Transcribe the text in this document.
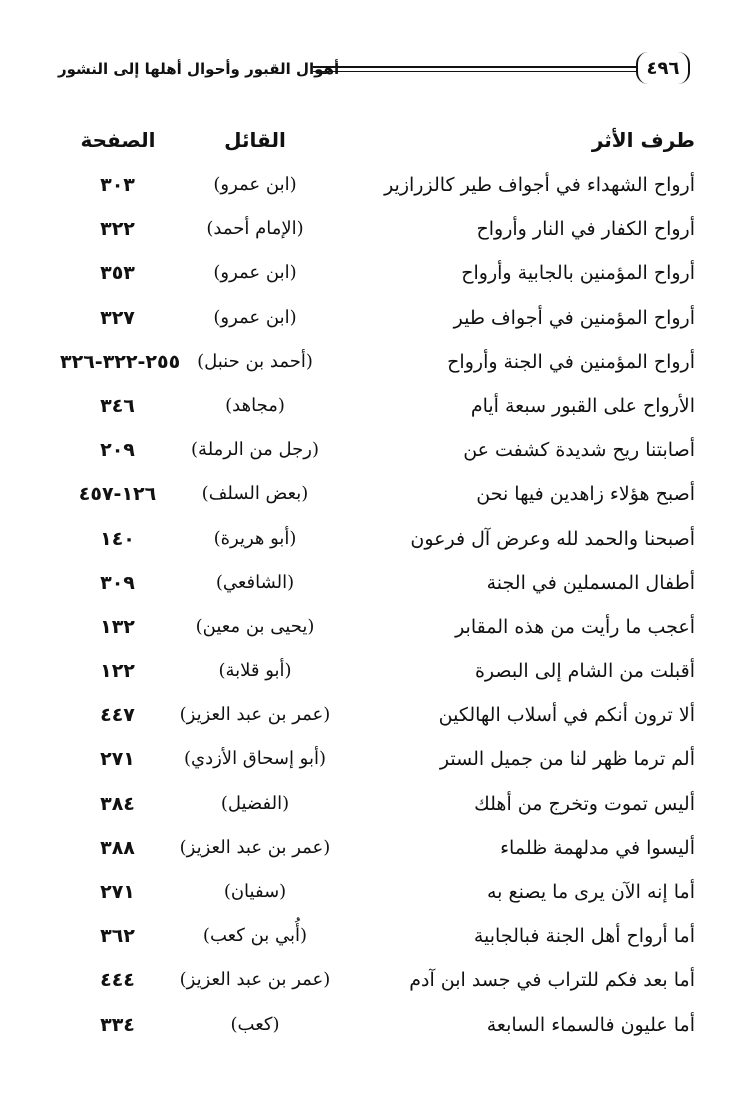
أهوال القبور وأحوال أهلها إلى النشور	٤٩٦
طرف الأثر
القائل
الصفحة
أرواح الشهداء في أجواف طير كالزرازير
(ابن عمرو)
٣٠٣
أرواح الكفار في النار وأرواح
(الإمام أحمد)
٣٢٢
أرواح المؤمنين بالجابية وأرواح
(ابن عمرو)
٣٥٣
أرواح المؤمنين في أجواف طير
(ابن عمرو)
٣٢٧
أرواح المؤمنين في الجنة وأرواح
(أحمد بن حنبل)
٢٥٥-٣٢٢-٣٢٦
الأرواح على القبور سبعة أيام
(مجاهد)
٣٤٦
أصابتنا ريح شديدة كشفت عن
(رجل من الرملة)
٢٠٩
أصبح هؤلاء زاهدين فيها نحن
(بعض السلف)
١٢٦-٤٥٧
أصبحنا والحمد لله وعرض آل فرعون
(أبو هريرة)
١٤٠
أطفال المسملين في الجنة
(الشافعي)
٣٠٩
أعجب ما رأيت من هذه المقابر
(يحيى بن معين)
١٣٢
أقبلت من الشام إلى البصرة
(أبو قلابة)
١٢٢
ألا ترون أنكم في أسلاب الهالكين
(عمر بن عبد العزيز)
٤٤٧
ألم ترما ظهر لنا من جميل الستر
(أبو إسحاق الأزدي)
٢٧١
أليس تموت وتخرج من أهلك
(الفضيل)
٣٨٤
أليسوا في مدلهمة ظلماء
(عمر بن عبد العزيز)
٣٨٨
أما إنه الآن يرى ما يصنع به
(سفيان)
٢٧١
أما أرواح أهل الجنة فبالجابية
(أُبي بن كعب)
٣٦٢
أما بعد فكم للتراب في جسد ابن آدم
(عمر بن عبد العزيز)
٤٤٤
أما عليون فالسماء السابعة
(كعب)
٣٣٤
